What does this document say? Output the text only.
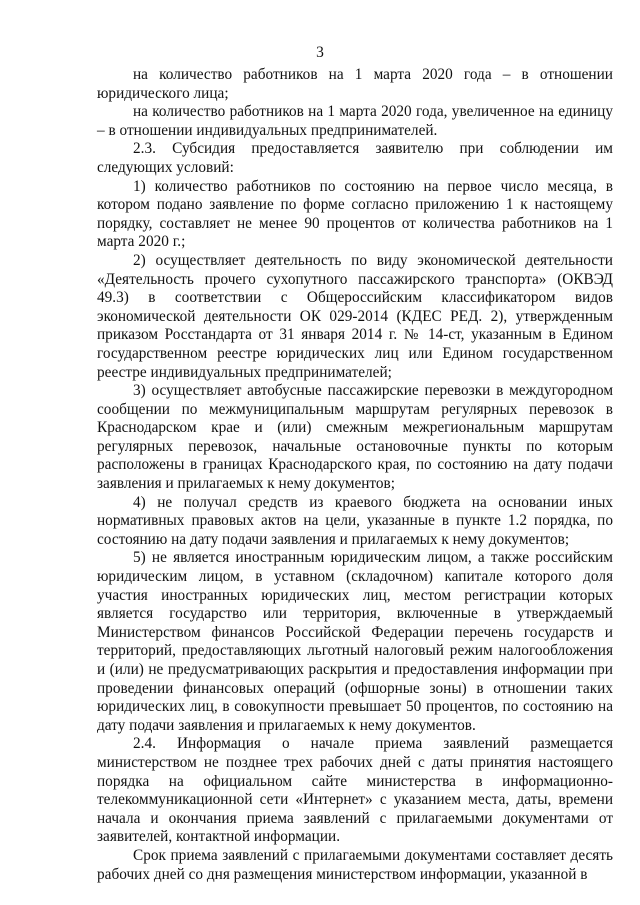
3

на количество работников на 1 марта 2020 года – в отношении юридического лица;

на количество работников на 1 марта 2020 года, увеличенное на единицу – в отношении индивидуальных предпринимателей.

2.3. Субсидия предоставляется заявителю при соблюдении им следующих условий:

1) количество работников по состоянию на первое число месяца, в котором подано заявление по форме согласно приложению 1 к настоящему порядку, составляет не менее 90 процентов от количества работников на 1 марта 2020 г.;

2) осуществляет деятельность по виду экономической деятельности «Деятельность прочего сухопутного пассажирского транспорта» (ОКВЭД 49.3) в соответствии с Общероссийским классификатором видов экономической деятельности ОК 029-2014 (КДЕС РЕД. 2), утвержденным приказом Росстандарта от 31 января 2014 г. № 14-ст, указанным в Едином государственном реестре юридических лиц или Едином государственном реестре индивидуальных предпринимателей;

3) осуществляет автобусные пассажирские перевозки в междугородном сообщении по межмуниципальным маршрутам регулярных перевозок в Краснодарском крае и (или) смежным межрегиональным маршрутам регулярных перевозок, начальные остановочные пункты по которым расположены в границах Краснодарского края, по состоянию на дату подачи заявления и прилагаемых к нему документов;

4) не получал средств из краевого бюджета на основании иных нормативных правовых актов на цели, указанные в пункте 1.2 порядка, по состоянию на дату подачи заявления и прилагаемых к нему документов;

5) не является иностранным юридическим лицом, а также российским юридическим лицом, в уставном (складочном) капитале которого доля участия иностранных юридических лиц, местом регистрации которых является государство или территория, включенные в утверждаемый Министерством финансов Российской Федерации перечень государств и территорий, предоставляющих льготный налоговый режим налогообложения и (или) не предусматривающих раскрытия и предоставления информации при проведении финансовых операций (офшорные зоны) в отношении таких юридических лиц, в совокупности превышает 50 процентов, по состоянию на дату подачи заявления и прилагаемых к нему документов.

2.4. Информация о начале приема заявлений размещается министерством не позднее трех рабочих дней с даты принятия настоящего порядка на официальном сайте министерства в информационно-телекоммуникационной сети «Интернет» с указанием места, даты, времени начала и окончания приема заявлений с прилагаемыми документами от заявителей, контактной информации.

Срок приема заявлений с прилагаемыми документами составляет десять рабочих дней со дня размещения министерством информации, указанной в
